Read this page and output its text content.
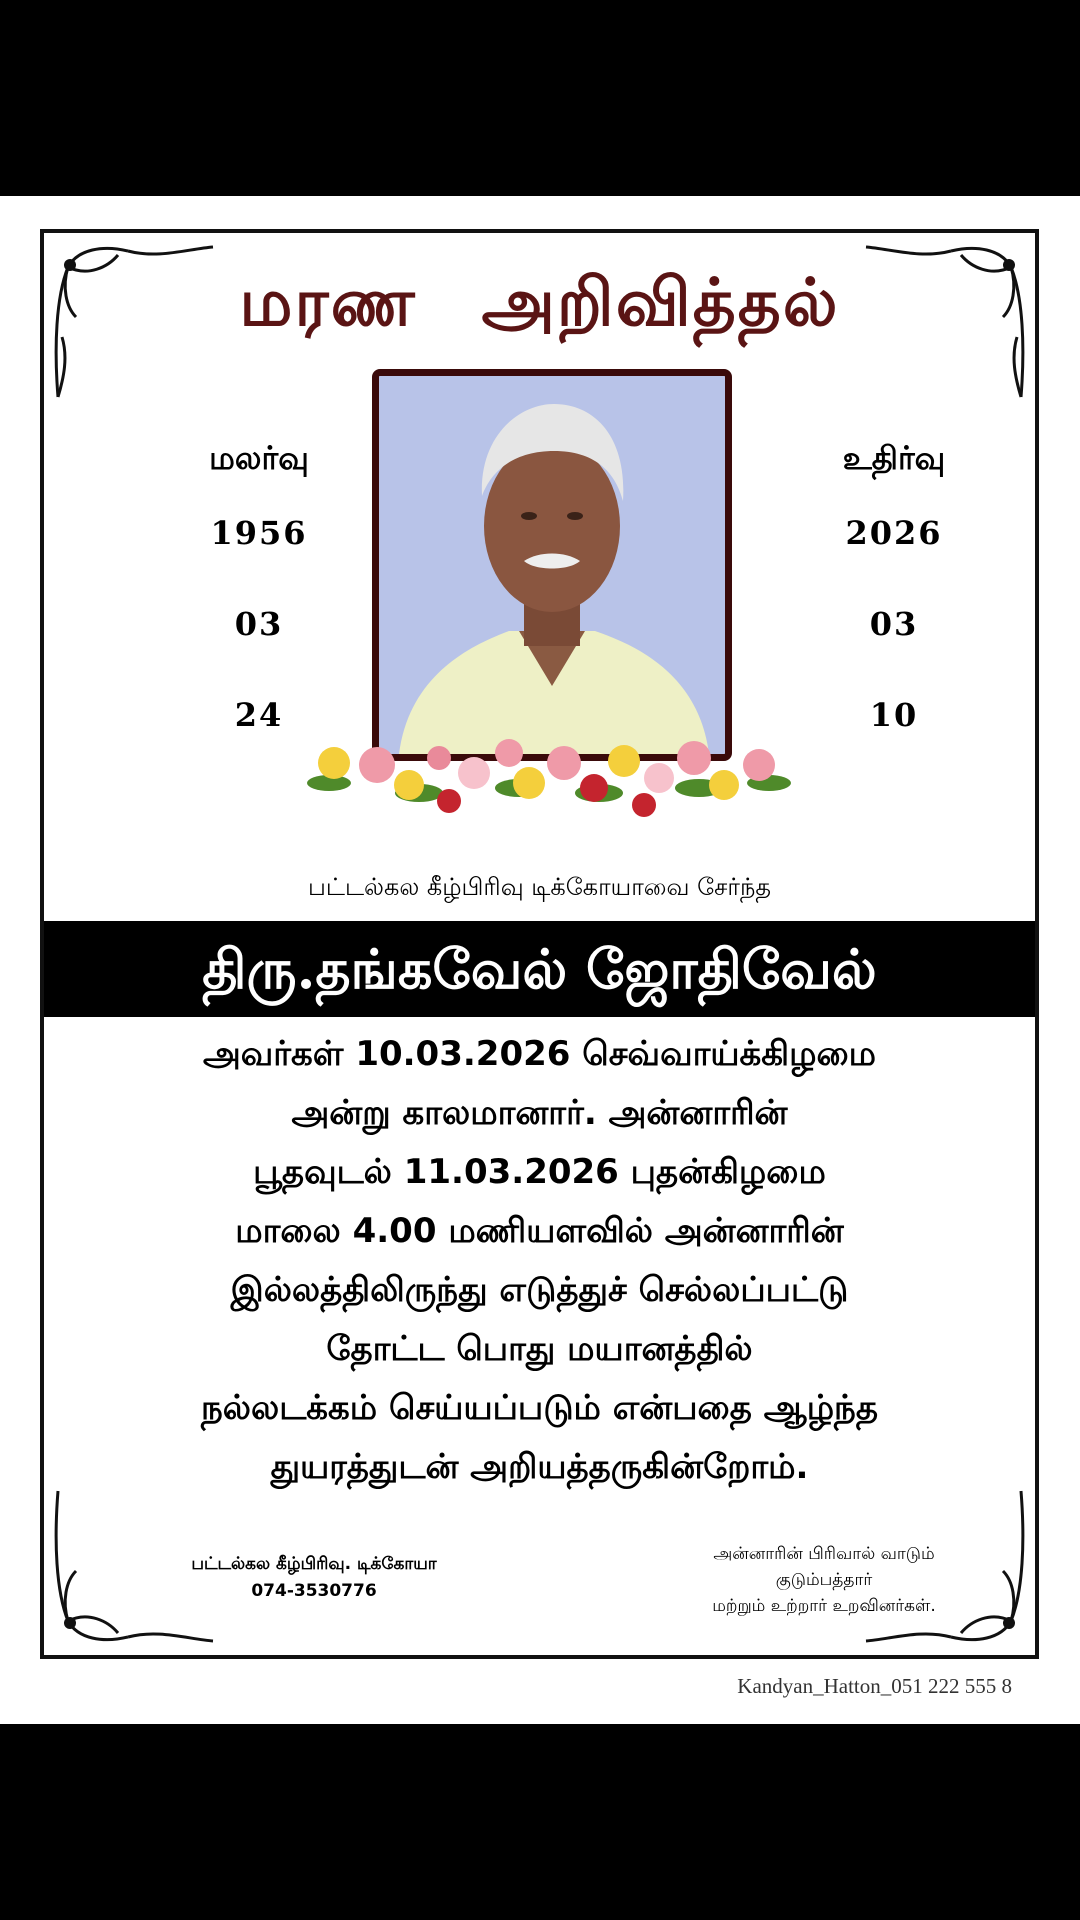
மரண அறிவித்தல்
மலர்வு
1956
03
24
உதிர்வு
2026
03
10
பட்டல்கல கீழ்பிரிவு டிக்கோயாவை சேர்ந்த
திரு.தங்கவேல் ஜோதிவேல்
அவர்கள் 10.03.2026 செவ்வாய்க்கிழமை
அன்று காலமானார். அன்னாரின்
பூதவுடல் 11.03.2026 புதன்கிழமை
மாலை 4.00 மணியளவில் அன்னாரின்
இல்லத்திலிருந்து எடுத்துச் செல்லப்பட்டு
தோட்ட பொது மயானத்தில்
நல்லடக்கம் செய்யப்படும் என்பதை ஆழ்ந்த
துயரத்துடன் அறியத்தருகின்றோம்.
பட்டல்கல கீழ்பிரிவு. டிக்கோயா
074-3530776
அன்னாரின் பிரிவால் வாடும்
குடும்பத்தார்
மற்றும் உற்றார் உறவினர்கள்.
Kandyan_Hatton_051 222 555 8
